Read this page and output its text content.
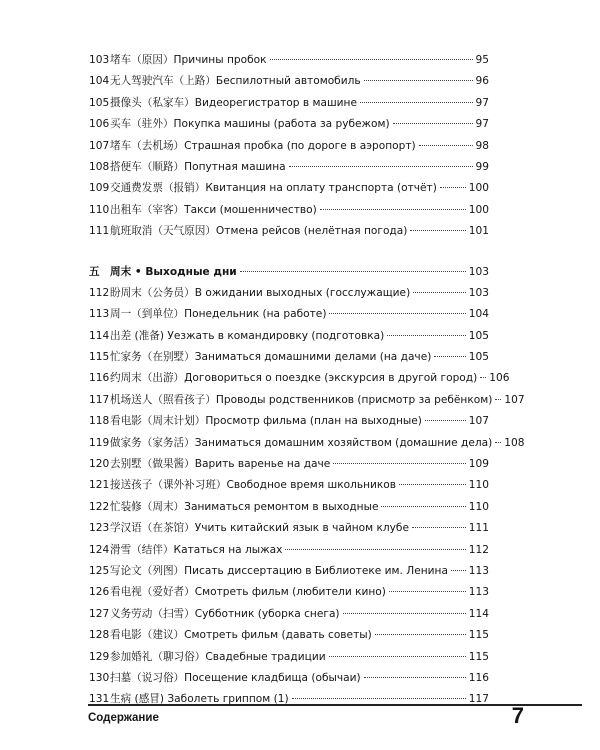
103 堵车（原因）Причины пробок	95
104 无人驾驶汽车（上路）Беспилотный автомобиль	96
105 摄像头（私家车）Видеорегистратор в машине	97
106 买车（驻外）Покупка машины (работа за рубежом)	97
107 堵车（去机场）Страшная пробка (по дороге в аэропорт)	98
108 搭便车（顺路）Попутная машина	99
109 交通费发票（报销）Квитанция на оплату транспорта (отчёт)	100
110 出租车（宰客）Такси (мошенничество)	100
111 航班取消（天气原因）Отмена рейсов (нелётная погода)	101
五 周末 • Выходные дни	103
112 盼周末（公务员）В ожидании выходных (госслужащие)	103
113 周一（到单位）Понедельник (на работе)	104
114 出差 (准备) Уезжать в командировку (подготовка)	105
115 忙家务（在别墅）Заниматься домашними делами (на даче)	105
116 约周末（出游）Договориться о поездке (экскурсия в другой город) 106
117 机场送人（照看孩子）Проводы родственников (присмотр за ребёнком) 107
118 看电影（周末计划）Просмотр фильма (план на выходные)	107
119 做家务（家务活）Заниматься домашним хозяйством (домашние дела) 108
120 去别墅（做果酱）Варить варенье на даче	109
121 接送孩子（课外补习班）Свободное время школьников	110
122 忙装修（周末）Заниматься ремонтом в выходные	110
123 学汉语（在茶馆）Учить китайский язык в чайном клубе	111
124 滑雪（结伴）Кататься на лыжах	112
125 写论文（列图）Писать диссертацию в Библиотеке им. Ленина 113
126 看电视（爱好者）Смотреть фильм (любители кино)	113
127 义务劳动（扫雪）Субботник (уборка снега)	114
128 看电影（建议）Смотреть фильм (давать советы)	115
129 参加婚礼（聊习俗）Свадебные традиции	115
130 扫墓（说习俗）Посещение кладбища (обычаи)	116
131 生病 (感冒) Заболеть гриппом (1)	117
Содержание	7
